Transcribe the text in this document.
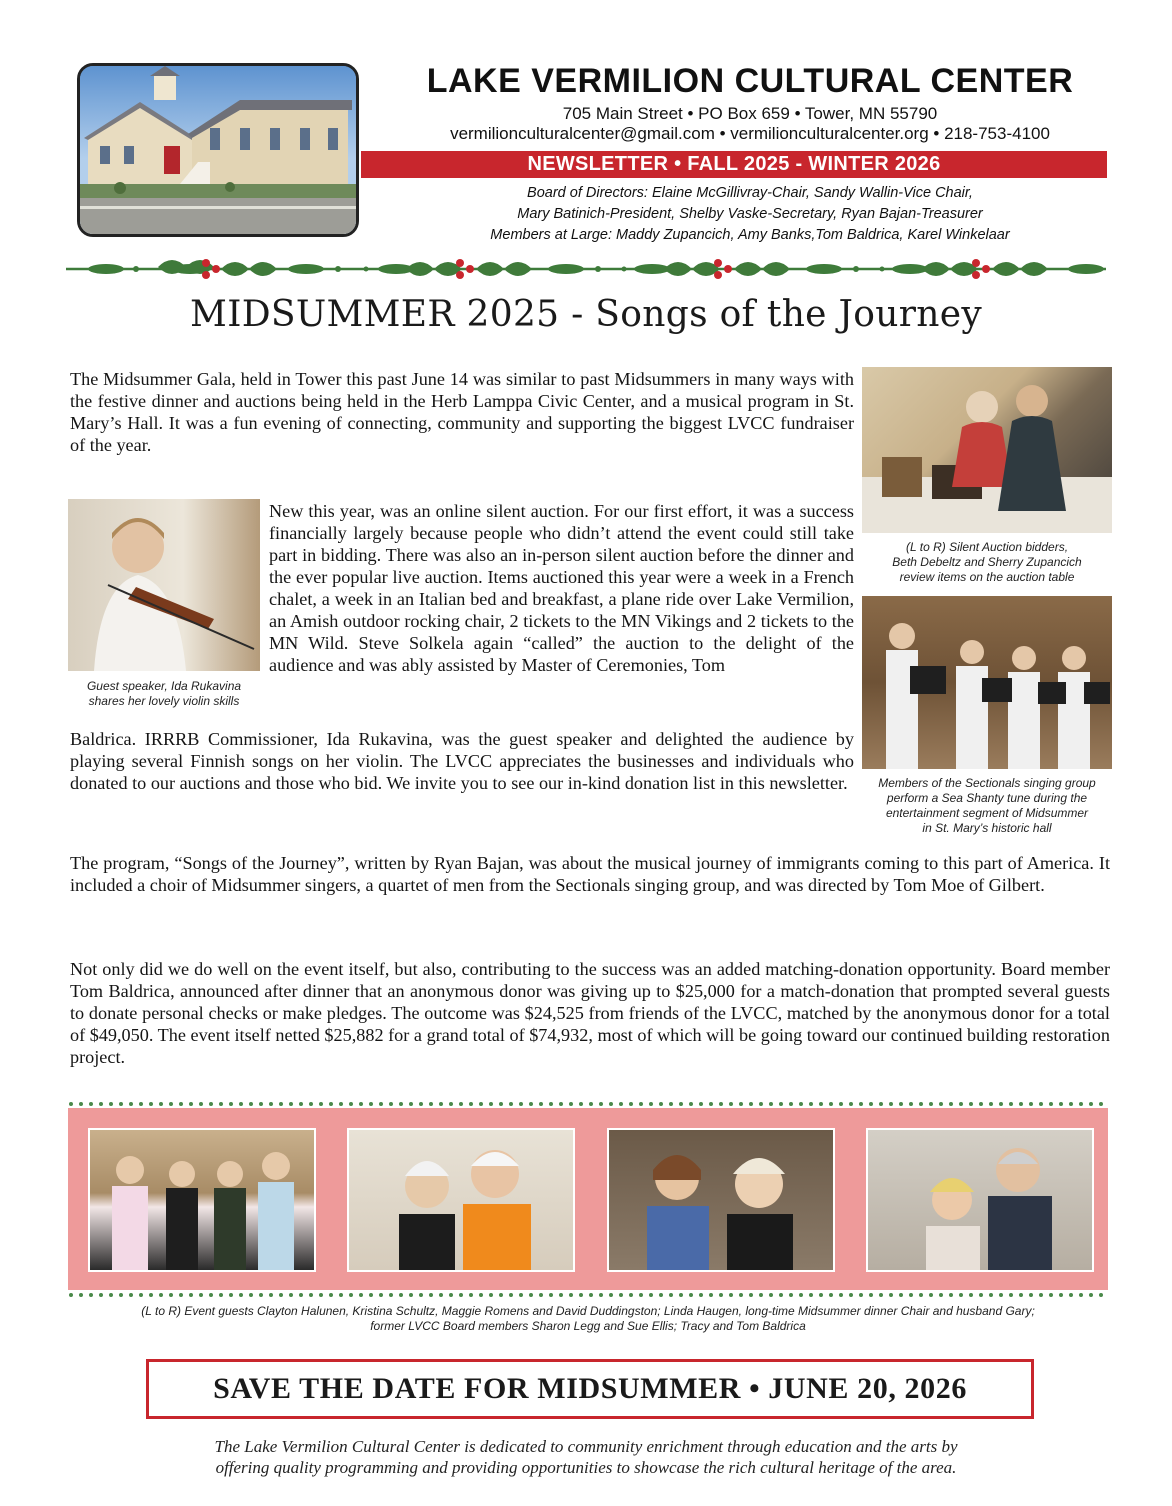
LAKE VERMILION CULTURAL CENTER
705 Main Street • PO Box 659 • Tower, MN 55790
vermilionculturalcenter@gmail.com • vermilionculturalcenter.org • 218-753-4100
NEWSLETTER • FALL 2025 - WINTER 2026
Board of Directors: Elaine McGillivray-Chair, Sandy Wallin-Vice Chair,
Mary Batinich-President, Shelby Vaske-Secretary, Ryan Bajan-Treasurer
Members at Large: Maddy Zupancich, Amy Banks,Tom Baldrica, Karel Winkelaar
MIDSUMMER 2025 - Songs of the Journey

The Midsummer Gala, held in Tower this past June 14 was similar to past Midsummers in many ways with the festive dinner and auctions being held in the Herb Lamppa Civic Center, and a musical program in St. Mary’s Hall. It was a fun evening of connecting, community and supporting the biggest LVCC fundraiser of the year.

(L to R) Silent Auction bidders,
Beth Debeltz and Sherry Zupancich
review items on the auction table
Guest speaker, Ida Rukavina
shares her lovely violin skills

New this year, was an online silent auction. For our first effort, it was a success financially largely because people who didn’t attend the event could still take part in bidding. There was also an in-person silent auction before the dinner and the ever popular live auction. Items auctioned this year were a week in a French chalet, a week in an Italian bed and breakfast, a plane ride over Lake Vermilion, an Amish outdoor rocking chair, 2 tickets to the MN Vikings and 2 tickets to the MN Wild. Steve Solkela again “called” the auction to the delight of the audience and was ably assisted by Master of Ceremonies, Tom

Baldrica. IRRRB Commissioner, Ida Rukavina, was the guest speaker and delighted the audience by playing several Finnish songs on her violin. The LVCC appreciates the businesses and individuals who donated to our auctions and those who bid. We invite you to see our in-kind donation list in this newsletter.	Members of the Sectionals singing group
perform a Sea Shanty tune during the
entertainment segment of Midsummer
in St. Mary’s historic hall

The program, “Songs of the Journey”, written by Ryan Bajan, was about the musical journey of immigrants coming to this part of America. It included a choir of Midsummer singers, a quartet of men from the Sectionals singing group, and was directed by Tom Moe of Gilbert.

Not only did we do well on the event itself, but also, contributing to the success was an added matching-donation opportunity. Board member Tom Baldrica, announced after dinner that an anonymous donor was giving up to $25,000 for a match-donation that prompted several guests to donate personal checks or make pledges. The outcome was $24,525 from friends of the LVCC, matched by the anonymous donor for a total of $49,050. The event itself netted $25,882 for a grand total of $74,932, most of which will be going toward our continued building restoration project.

(L to R) Event guests Clayton Halunen, Kristina Schultz, Maggie Romens and David Duddingston; Linda Haugen, long-time Midsummer dinner Chair and husband Gary;
former LVCC Board members Sharon Legg and Sue Ellis; Tracy and Tom Baldrica
SAVE THE DATE FOR MIDSUMMER • JUNE 20, 2026
The Lake Vermilion Cultural Center is dedicated to community enrichment through education and the arts by
offering quality programming and providing opportunities to showcase the rich cultural heritage of the area.
